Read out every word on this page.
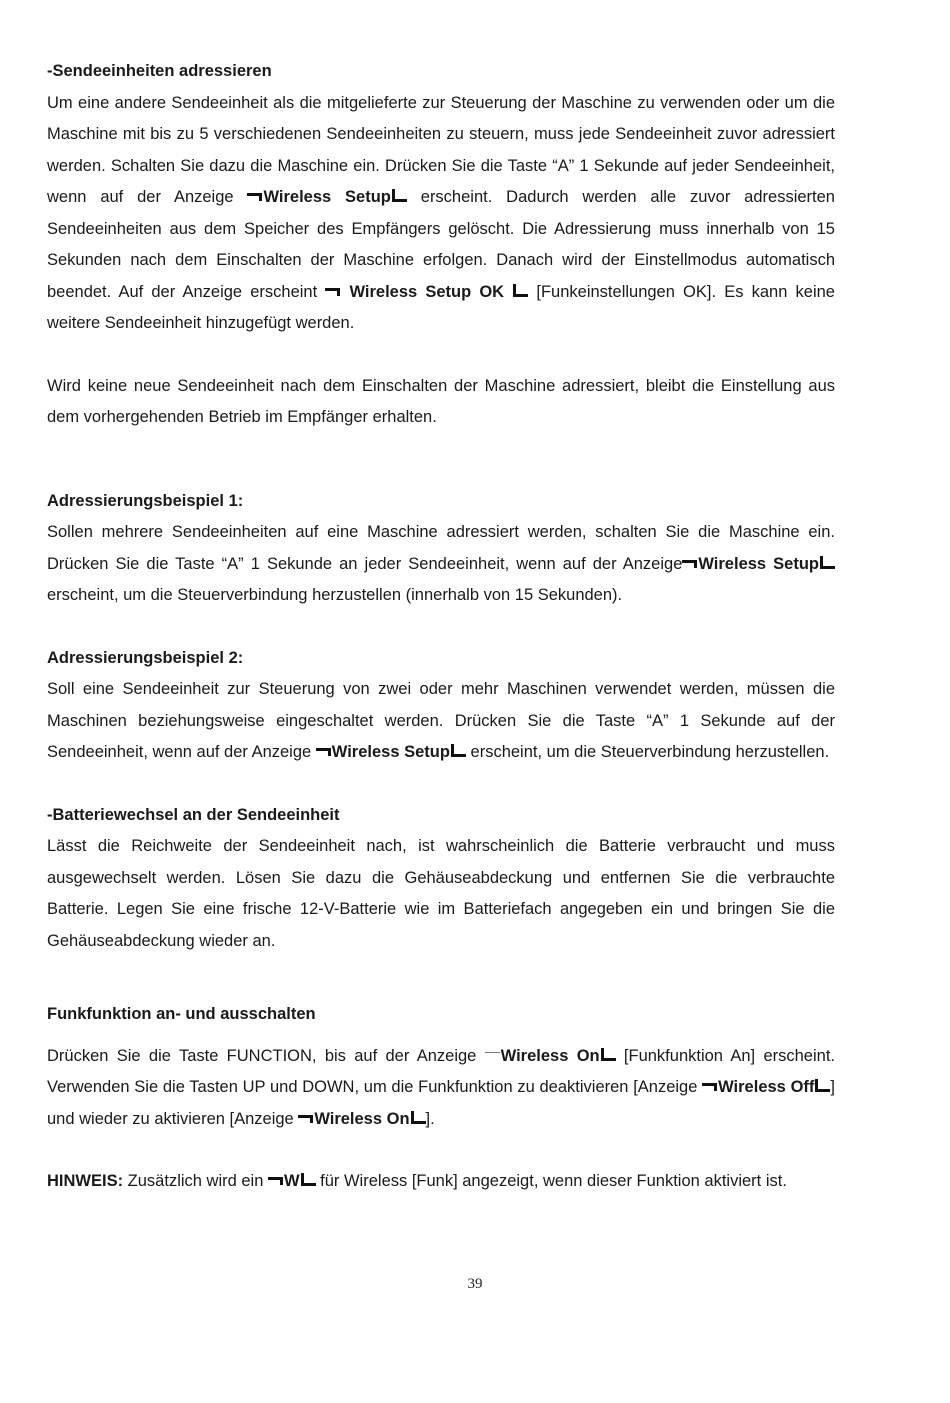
-Sendeeinheiten adressieren
Um eine andere Sendeeinheit als die mitgelieferte zur Steuerung der Maschine zu verwenden oder um die Maschine mit bis zu 5 verschiedenen Sendeeinheiten zu steuern, muss jede Sendeeinheit zuvor adressiert werden. Schalten Sie dazu die Maschine ein. Drücken Sie die Taste “A” 1 Sekunde auf jeder Sendeeinheit, wenn auf der Anzeige Wireless Setup erscheint. Dadurch werden alle zuvor adressierten Sendeeinheiten aus dem Speicher des Empfängers gelöscht. Die Adressierung muss innerhalb von 15 Sekunden nach dem Einschalten der Maschine erfolgen. Danach wird der Einstellmodus automatisch beendet. Auf der Anzeige erscheint  Wireless Setup OK  [Funkeinstellungen OK]. Es kann keine weitere Sendeeinheit hinzugefügt werden.
Wird keine neue Sendeeinheit nach dem Einschalten der Maschine adressiert, bleibt die Einstellung aus dem vorhergehenden Betrieb im Empfänger erhalten.
Adressierungsbeispiel 1:
Sollen mehrere Sendeeinheiten auf eine Maschine adressiert werden, schalten Sie die Maschine ein. Drücken Sie die Taste “A” 1 Sekunde an jeder Sendeeinheit, wenn auf der Anzeige Wireless Setup erscheint, um die Steuerverbindung herzustellen (innerhalb von 15 Sekunden).
Adressierungsbeispiel 2:
Soll eine Sendeeinheit zur Steuerung von zwei oder mehr Maschinen verwendet werden, müssen die Maschinen beziehungsweise eingeschaltet werden. Drücken Sie die Taste “A” 1 Sekunde auf der Sendeeinheit, wenn auf der Anzeige Wireless Setup erscheint, um die Steuerverbindung herzustellen.
-Batteriewechsel an der Sendeeinheit
Lässt die Reichweite der Sendeeinheit nach, ist wahrscheinlich die Batterie verbraucht und muss ausgewechselt werden. Lösen Sie dazu die Gehäuseabdeckung und entfernen Sie die verbrauchte Batterie. Legen Sie eine frische 12-V-Batterie wie im Batteriefach angegeben ein und bringen Sie die Gehäuseabdeckung wieder an.
Funkfunktion an- und ausschalten
Drücken Sie die Taste FUNCTION, bis auf der Anzeige Wireless On [Funkfunktion An] erscheint. Verwenden Sie die Tasten UP und DOWN, um die Funkfunktion zu deaktivieren [Anzeige Wireless Off ] und wieder zu aktivieren [Anzeige Wireless On ].
HINWEIS: Zusätzlich wird ein W für Wireless [Funk] angezeigt, wenn dieser Funktion aktiviert ist.
39
